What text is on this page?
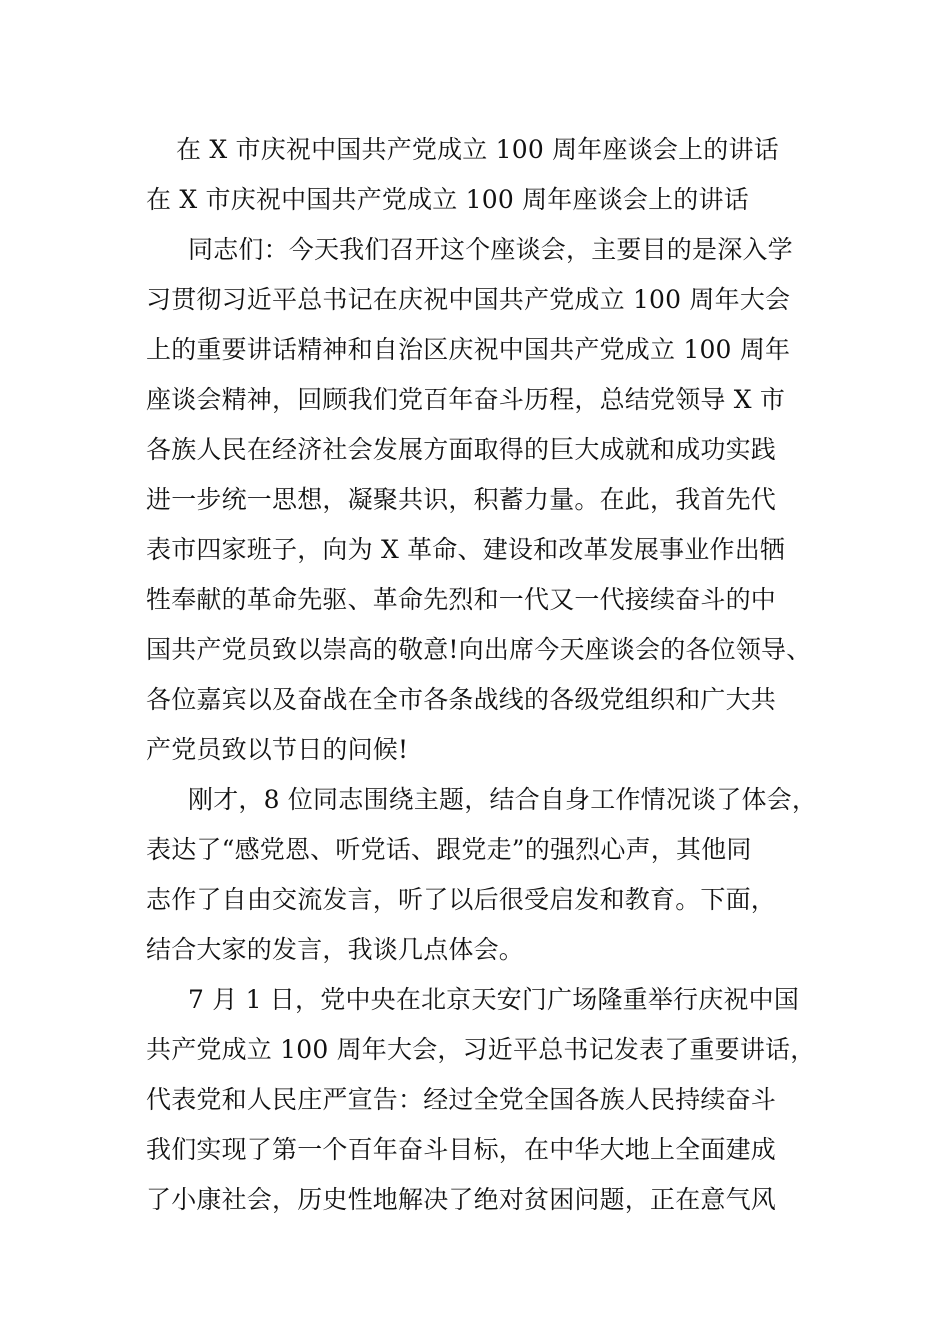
在 X 市庆祝中国共产党成立 100 周年座谈会上的讲话
在 X 市庆祝中国共产党成立 100 周年座谈会上的讲话
同志们：今天我们召开这个座谈会，主要目的是深入学
习贯彻习近平总书记在庆祝中国共产党成立 100 周年大会
上的重要讲话精神和自治区庆祝中国共产党成立 100 周年
座谈会精神，回顾我们党百年奋斗历程，总结党领导 X 市
各族人民在经济社会发展方面取得的巨大成就和成功实践
进一步统一思想，凝聚共识，积蓄力量。在此，我首先代
表市四家班子，向为 X 革命、建设和改革发展事业作出牺
牲奉献的革命先驱、革命先烈和一代又一代接续奋斗的中
国共产党员致以崇高的敬意!向出席今天座谈会的各位领导、
各位嘉宾以及奋战在全市各条战线的各级党组织和广大共
产党员致以节日的问候!
刚才，8 位同志围绕主题，结合自身工作情况谈了体会，
表达了“感党恩、听党话、跟党走”的强烈心声，其他同
志作了自由交流发言，听了以后很受启发和教育。下面，
结合大家的发言，我谈几点体会。
7 月 1 日，党中央在北京天安门广场隆重举行庆祝中国
共产党成立 100 周年大会，习近平总书记发表了重要讲话，
代表党和人民庄严宣告：经过全党全国各族人民持续奋斗
我们实现了第一个百年奋斗目标，在中华大地上全面建成
了小康社会，历史性地解决了绝对贫困问题，正在意气风
